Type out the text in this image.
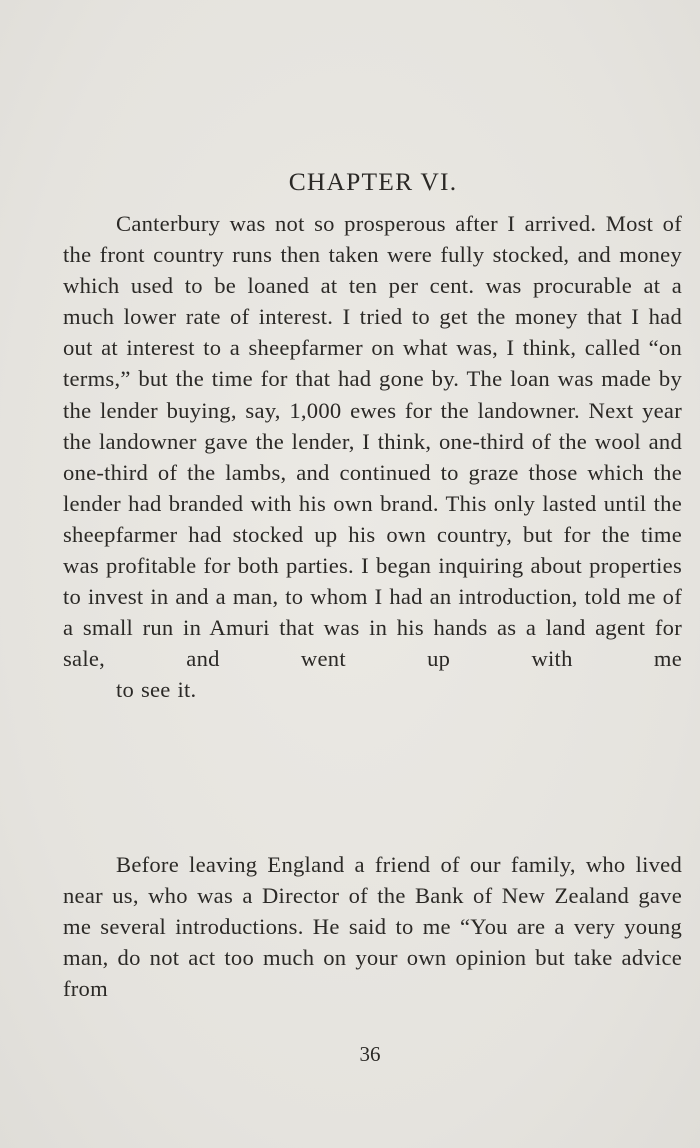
CHAPTER VI.
Canterbury was not so prosperous after I arrived. Most of the front country runs then taken were fully stocked, and money which used to be loaned at ten per cent. was procurable at a much lower rate of interest. I tried to get the money that I had out at interest to a sheepfarmer on what was, I think, called “on terms,” but the time for that had gone by. The loan was made by the lender buying, say, 1,000 ewes for the landowner. Next year the landowner gave the lender, I think, one-third of the wool and one-third of the lambs, and continued to graze those which the lender had branded with his own brand. This only lasted until the sheepfarmer had stocked up his own country, but for the time was profitable for both parties. I began inquiring about properties to invest in and a man, to whom I had an introduction, told me of a small run in Amuri that was in his hands as a land agent for sale, and went up with me
to see it.
Before leaving England a friend of our family, who lived near us, who was a Director of the Bank of New Zealand gave me several introductions. He said to me “You are a very young man, do not act too much on your own opinion but take advice from
36
